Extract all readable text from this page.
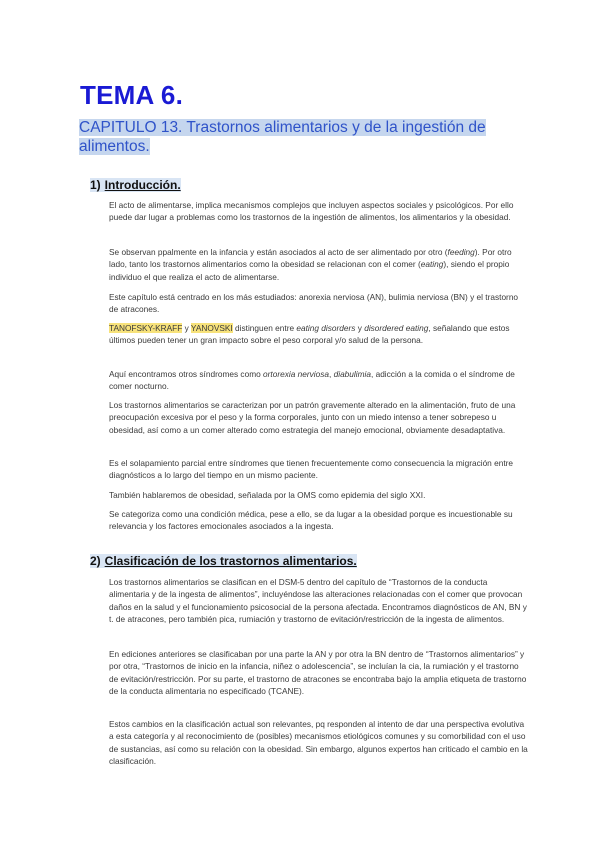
TEMA 6.
CAPITULO 13. Trastornos alimentarios y de la ingestión de alimentos.
1) Introducción.
El acto de alimentarse, implica mecanismos complejos que incluyen aspectos sociales y psicológicos. Por ello puede dar lugar a problemas como los trastornos de la ingestión de alimentos, los alimentarios y la obesidad.
Se observan ppalmente en la infancia y están asociados al acto de ser alimentado por otro (feeding). Por otro lado, tanto los trastornos alimentarios como la obesidad se relacionan con el comer (eating), siendo el propio individuo el que realiza el acto de alimentarse.
Este capítulo está centrado en los más estudiados: anorexia nerviosa (AN), bulimia nerviosa (BN) y el trastorno de atracones.
TANOFSKY-KRAFF y YANOVSKI distinguen entre eating disorders y disordered eating, señalando que estos últimos pueden tener un gran impacto sobre el peso corporal y/o salud de la persona.
Aquí encontramos otros síndromes como ortorexia nerviosa, diabulimia, adicción a la comida o el síndrome de comer nocturno.
Los trastornos alimentarios se caracterizan por un patrón gravemente alterado en la alimentación, fruto de una preocupación excesiva por el peso y la forma corporales, junto con un miedo intenso a tener sobrepeso u obesidad, así como a un comer alterado como estrategia del manejo emocional, obviamente desadaptativa.
Es el solapamiento parcial entre síndromes que tienen frecuentemente como consecuencia la migración entre diagnósticos a lo largo del tiempo en un mismo paciente.
También hablaremos de obesidad, señalada por la OMS como epidemia del siglo XXI.
Se categoriza como una condición médica, pese a ello, se da lugar a la obesidad porque es incuestionable su relevancia y los factores emocionales asociados a la ingesta.
2) Clasificación de los trastornos alimentarios.
Los trastornos alimentarios se clasifican en el DSM-5 dentro del capítulo de “Trastornos de la conducta alimentaria y de la ingesta de alimentos”, incluyéndose las alteraciones relacionadas con el comer que provocan daños en la salud y el funcionamiento psicosocial de la persona afectada. Encontramos diagnósticos de AN, BN y t. de atracones, pero también pica, rumiación y trastorno de evitación/restricción de la ingesta de alimentos.
En ediciones anteriores se clasificaban por una parte la AN y por otra la BN dentro de “Trastornos alimentarios” y por otra, “Trastornos de inicio en la infancia, niñez o adolescencia”, se incluían la cia, la rumiación y el trastorno de evitación/restricción. Por su parte, el trastorno de atracones se encontraba bajo la amplia etiqueta de trastorno de la conducta alimentaria no especificado (TCANE).
Estos cambios en la clasificación actual son relevantes, pq responden al intento de dar una perspectiva evolutiva a esta categoría y al reconocimiento de (posibles) mecanismos etiológicos comunes y su comorbilidad con el uso de sustancias, así como su relación con la obesidad. Sin embargo, algunos expertos han criticado el cambio en la clasificación.
